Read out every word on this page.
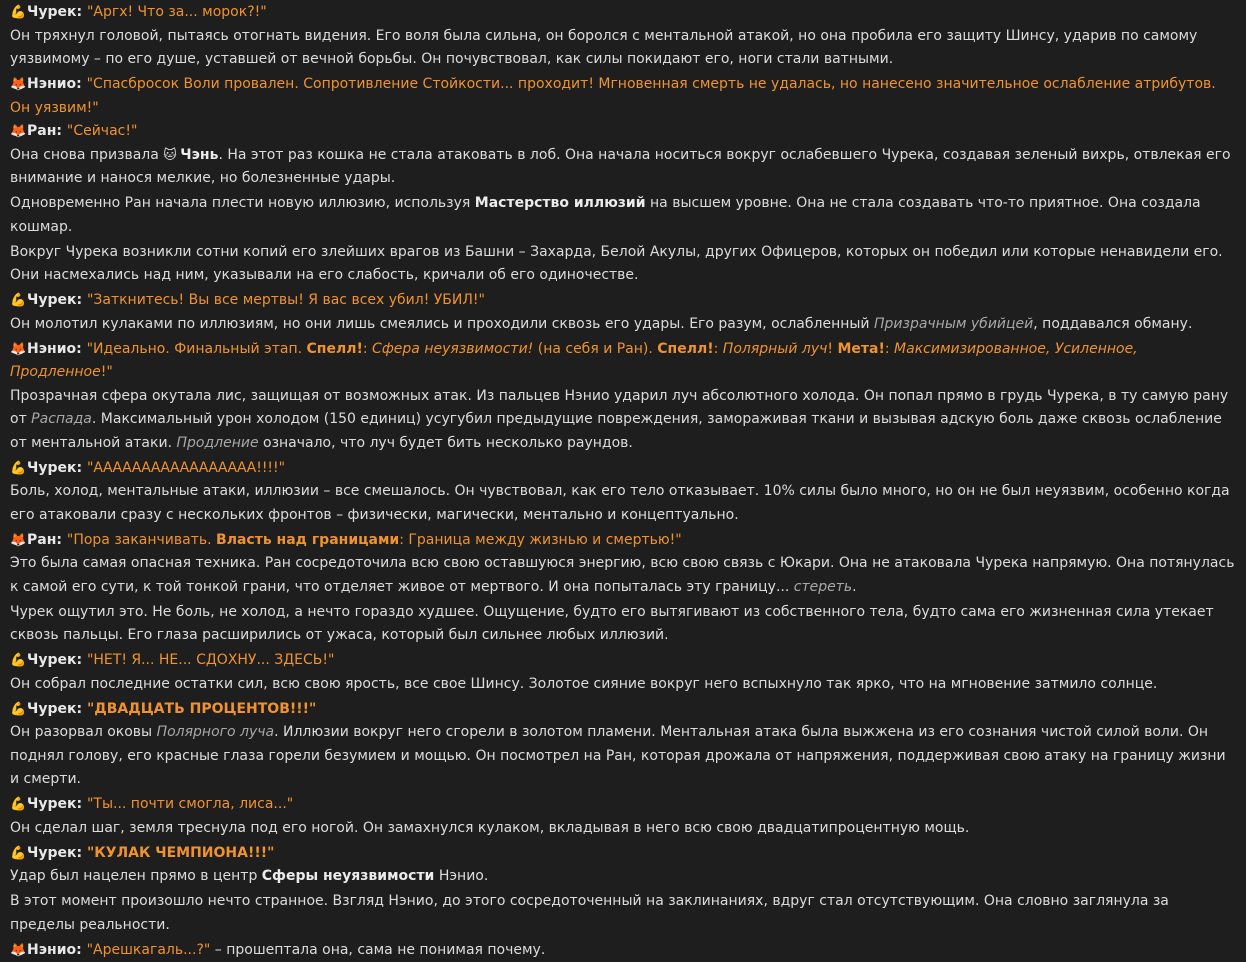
💪Чурек: "Аргх! Что за... морок?!"

Он тряхнул головой, пытаясь отогнать видения. Его воля была сильна, он боролся с ментальной атакой, но она пробила его защиту Шинсу, ударив по самому уязвимому – по его душе, уставшей от вечной борьбы. Он почувствовал, как силы покидают его, ноги стали ватными.

🦊Нэнио: "Спасбросок Воли провален. Сопротивление Стойкости... проходит! Мгновенная смерть не удалась, но нанесено значительное ослабление атрибутов. Он уязвим!"

🦊Ран: "Сейчас!"

Она снова призвала 🐱 Чэнь. На этот раз кошка не стала атаковать в лоб. Она начала носиться вокруг ослабевшего Чурека, создавая зеленый вихрь, отвлекая его внимание и нанося мелкие, но болезненные удары.

Одновременно Ран начала плести новую иллюзию, используя Мастерство иллюзий на высшем уровне. Она не стала создавать что-то приятное. Она создала кошмар.

Вокруг Чурека возникли сотни копий его злейших врагов из Башни – Захарда, Белой Акулы, других Офицеров, которых он победил или которые ненавидели его. Они насмехались над ним, указывали на его слабость, кричали об его одиночестве.

💪Чурек: "Заткнитесь! Вы все мертвы! Я вас всех убил! УБИЛ!"

Он молотил кулаками по иллюзиям, но они лишь смеялись и проходили сквозь его удары. Его разум, ослабленный Призрачным убийцей, поддавался обману.

🦊Нэнио: "Идеально. Финальный этап. Спелл!: Сфера неуязвимости! (на себя и Ран). Спелл!: Полярный луч! Мета!: Максимизированное, Усиленное, Продленное!"

Прозрачная сфера окутала лис, защищая от возможных атак. Из пальцев Нэнио ударил луч абсолютного холода. Он попал прямо в грудь Чурека, в ту самую рану от Распада. Максимальный урон холодом (150 единиц) усугубил предыдущие повреждения, замораживая ткани и вызывая адскую боль даже сквозь ослабление от ментальной атаки. Продление означало, что луч будет бить несколько раундов.

💪Чурек: "ААААААААААААААААА!!!!"

Боль, холод, ментальные атаки, иллюзии – все смешалось. Он чувствовал, как его тело отказывает. 10% силы было много, но он не был неуязвим, особенно когда его атаковали сразу с нескольких фронтов – физически, магически, ментально и концептуально.

🦊Ран: "Пора заканчивать. Власть над границами: Граница между жизнью и смертью!"

Это была самая опасная техника. Ран сосредоточила всю свою оставшуюся энергию, всю свою связь с Юкари. Она не атаковала Чурека напрямую. Она потянулась к самой его сути, к той тонкой грани, что отделяет живое от мертвого. И она попыталась эту границу... стереть.

Чурек ощутил это. Не боль, не холод, а нечто гораздо худшее. Ощущение, будто его вытягивают из собственного тела, будто сама его жизненная сила утекает сквозь пальцы. Его глаза расширились от ужаса, который был сильнее любых иллюзий.

💪Чурек: "НЕТ! Я... НЕ... СДОХНУ... ЗДЕСЬ!"

Он собрал последние остатки сил, всю свою ярость, все свое Шинсу. Золотое сияние вокруг него вспыхнуло так ярко, что на мгновение затмило солнце.

💪Чурек: "ДВАДЦАТЬ ПРОЦЕНТОВ!!!"

Он разорвал оковы Полярного луча. Иллюзии вокруг него сгорели в золотом пламени. Ментальная атака была выжжена из его сознания чистой силой воли. Он поднял голову, его красные глаза горели безумием и мощью. Он посмотрел на Ран, которая дрожала от напряжения, поддерживая свою атаку на границу жизни и смерти.

💪Чурек: "Ты... почти смогла, лиса..."

Он сделал шаг, земля треснула под его ногой. Он замахнулся кулаком, вкладывая в него всю свою двадцатипроцентную мощь.

💪Чурек: "КУЛАК ЧЕМПИОНА!!!"

Удар был нацелен прямо в центр Сферы неуязвимости Нэнио.

В этот момент произошло нечто странное. Взгляд Нэнио, до этого сосредоточенный на заклинаниях, вдруг стал отсутствующим. Она словно заглянула за пределы реальности.

🦊Нэнио: "Арешкагаль...?" – прошептала она, сама не понимая почему.
